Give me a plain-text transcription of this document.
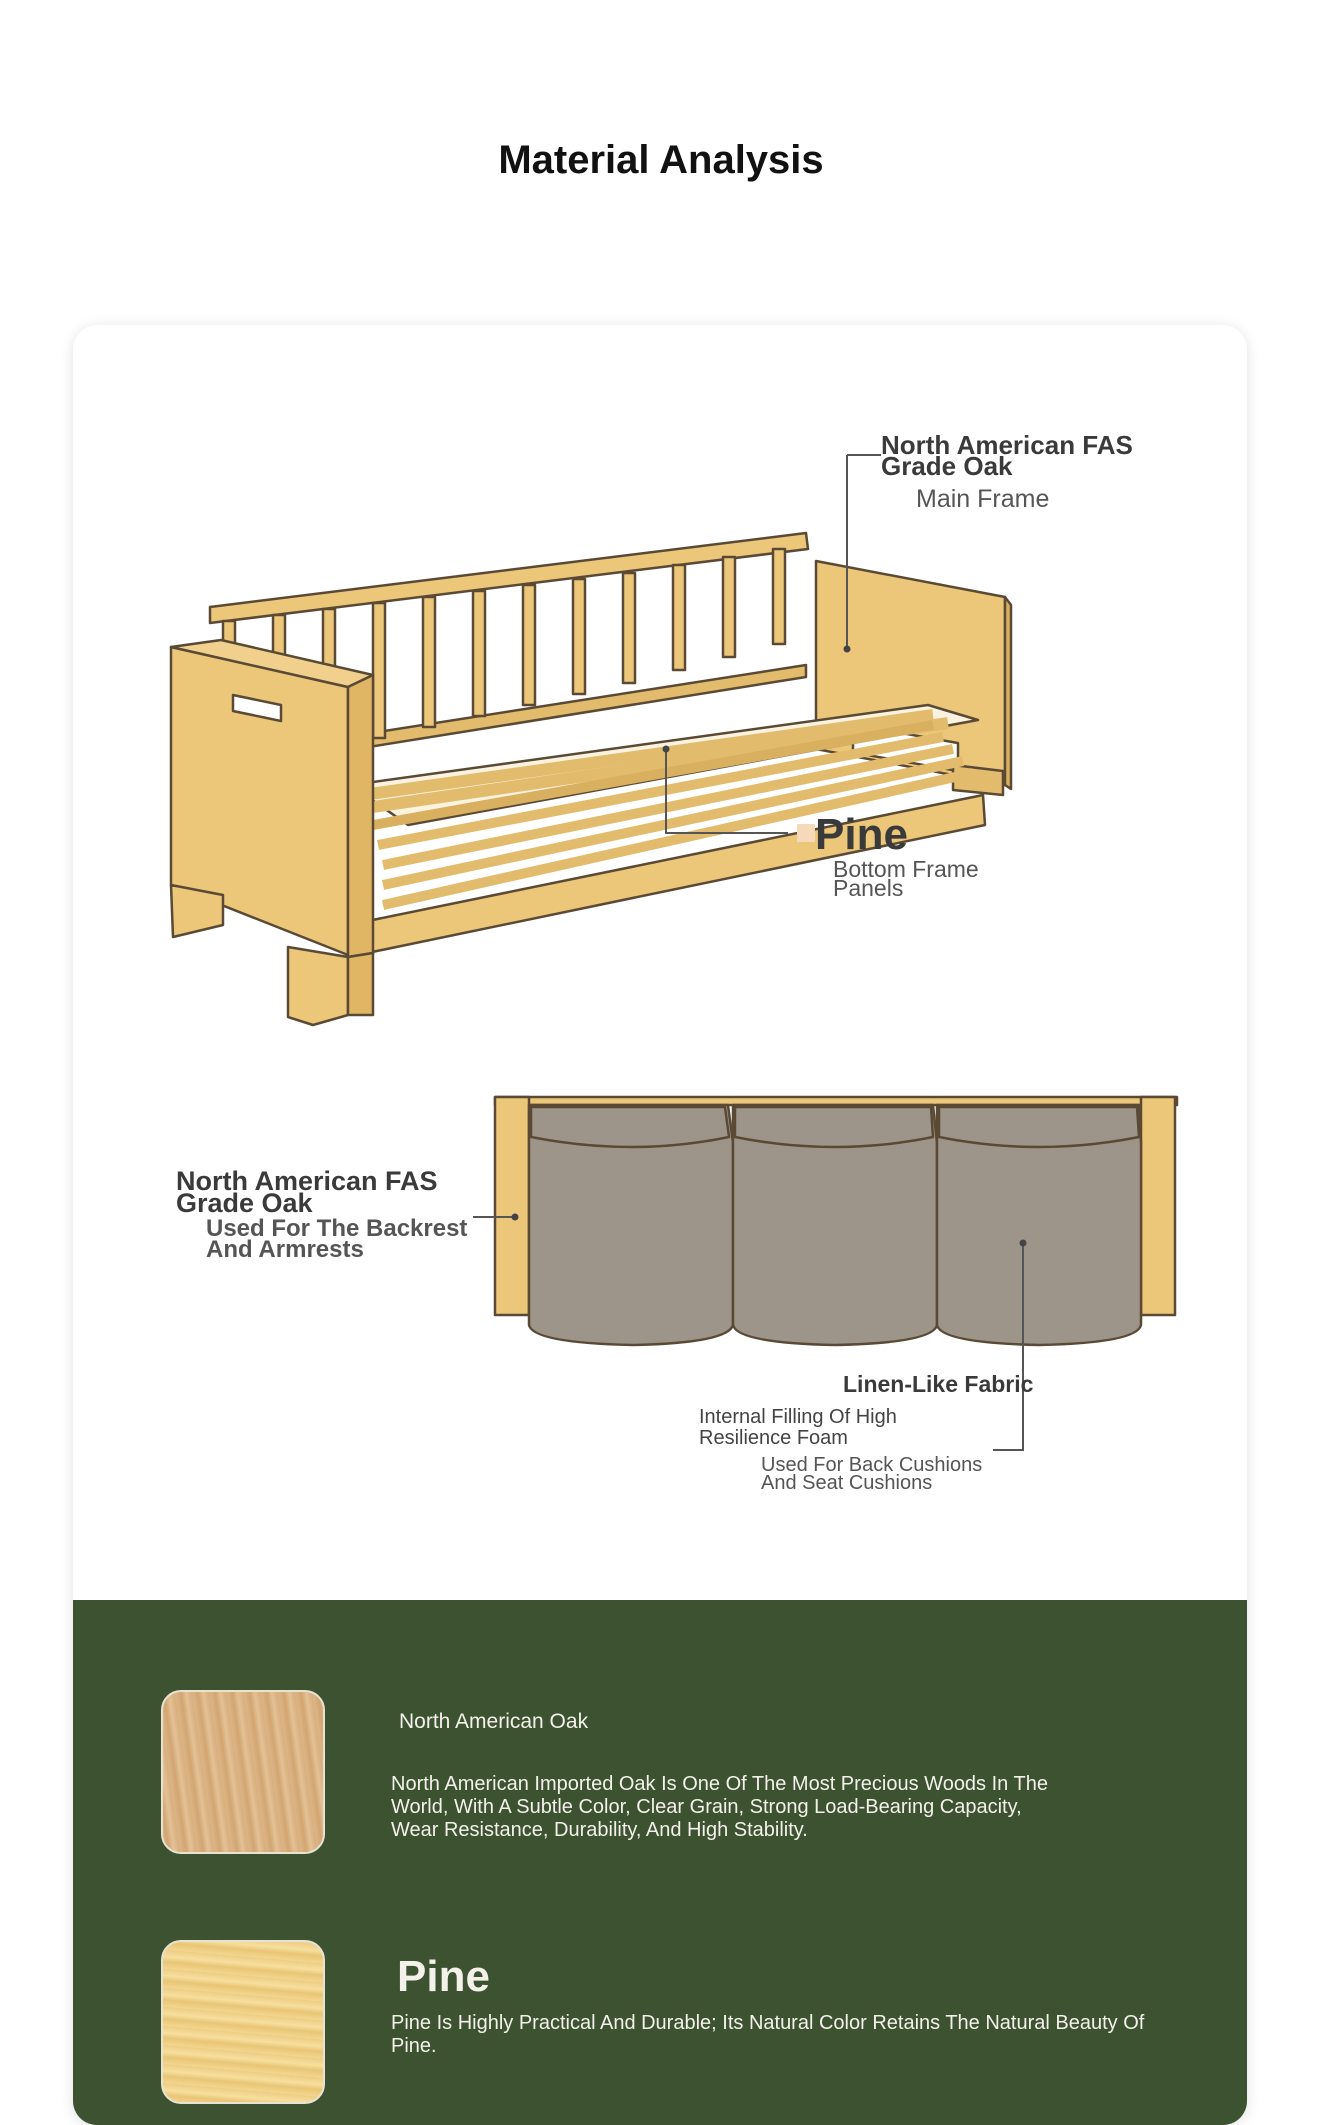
Material Analysis
North American FAS Grade Oak
Main Frame
Pine
Bottom Frame Panels
North American FAS Grade Oak
Used For The Backrest And Armrests
Linen-Like Fabric
Internal Filling Of High Resilience Foam
Used For Back Cushions And Seat Cushions
North American Oak
North American Imported Oak Is One Of The Most Precious Woods In The World, With A Subtle Color, Clear Grain, Strong Load-Bearing Capacity, Wear Resistance, Durability, And High Stability.
Pine
Pine Is Highly Practical And Durable; Its Natural Color Retains The Natural Beauty Of Pine.
